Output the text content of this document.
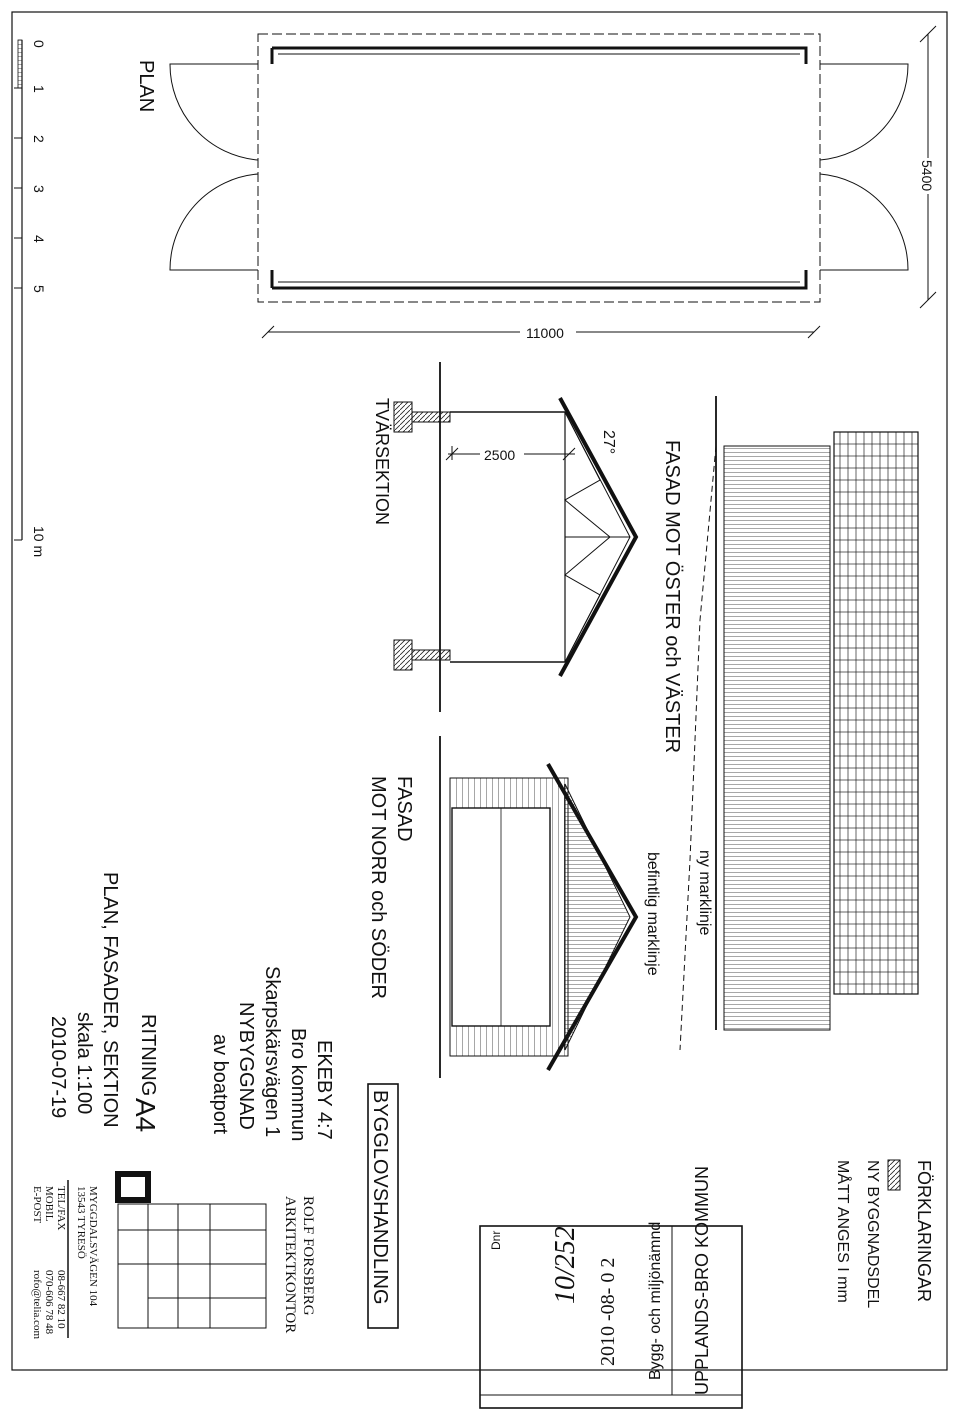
PLAN
0
1
2
3
4
5
10 m
5400
11000
TVÄRSEKTION	27°
2500	FASAD MOT ÖSTER och VÄSTER
ny marklinje
befintlig marklinje
FASAD
MOT NORR och SÖDER
FÖRKLARINGAR
NY BYGGNADSDEL
MÅTT ANGES I mm
UPPLANDS-BRO KOMMUN
Bygg- och miljönämnd
2010 -08- 0 2
10/252
Dnr
BYGGLOVSHANDLING
EKEBY 4:7
Bro kommun
Skarpskärsvägen 1
NYBYGGNAD
av boatport
RITNING
A4
PLAN, FASADER, SEKTION
skala 1:100
2010-07-19
ROLF FORSBERG
ARKITEKTKONTOR
MYGGDALSVÄGEN 104
13543 TYRESÖ
TEL/FAX
08-667 82 10
MOBIL
070-606 78 48
E-POST
rofo@telia.com
